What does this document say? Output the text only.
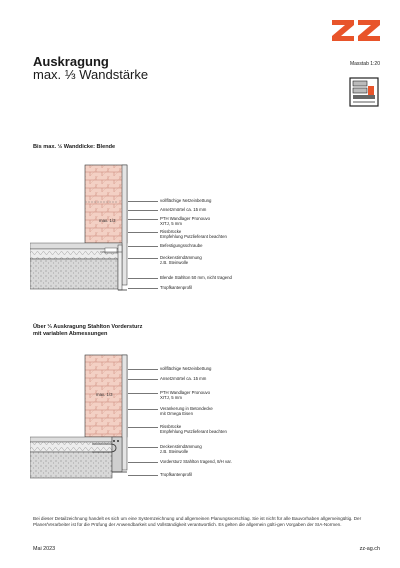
Auskragung
max. ⅓ Wandstärke
Masstab 1:20
Bis max. ½ Wanddicke: Blende
max. 1/3
vollflächige Netzeinbettung
Ansetzmörtel ca. 15 mm
PTH Wandlager Pronouvo
XITJ, 5 mm
Rissbrücke
Empfehlung Putzlieferant beachten
Befestigungsschraube
Deckenstirndämmung
z.B. Steinwolle
Blende Stahlton 50 mm, nicht tragend
Tropfkantenprofil
Über ⅓ Auskragung Stahlton Vordersturz
mit variablen Abmessungen
max. 1/3
vollflächige Netzeinbettung
Ansetzmörtel ca. 15 mm
PTH Wandlager Pronouvo
XITJ, 5 mm
Verankerung in Betondecke
mit Omega Eisen
Rissbrücke
Empfehlung Putzlieferant beachten
Deckenstirndämmung
z.B. Steinwolle
Vordersturz Stahlton tragend, 8/H var.
Tropfkantenprofil
Bei dieser Detailzeichnung handelt es sich um eine Systemzeichnung und allgemeinen Planungsvorschlag. Sie ist nicht für alle Bauvorhaben allgemeingültig. Der Planer/Verarbeiter ist für die Prüfung der Anwendbarkeit und Vollständigkeit verantwortlich. Es gelten die allgemein gülti-gen Vorgaben der SIA-Normen.
Mai 2023	zz-ag.ch
